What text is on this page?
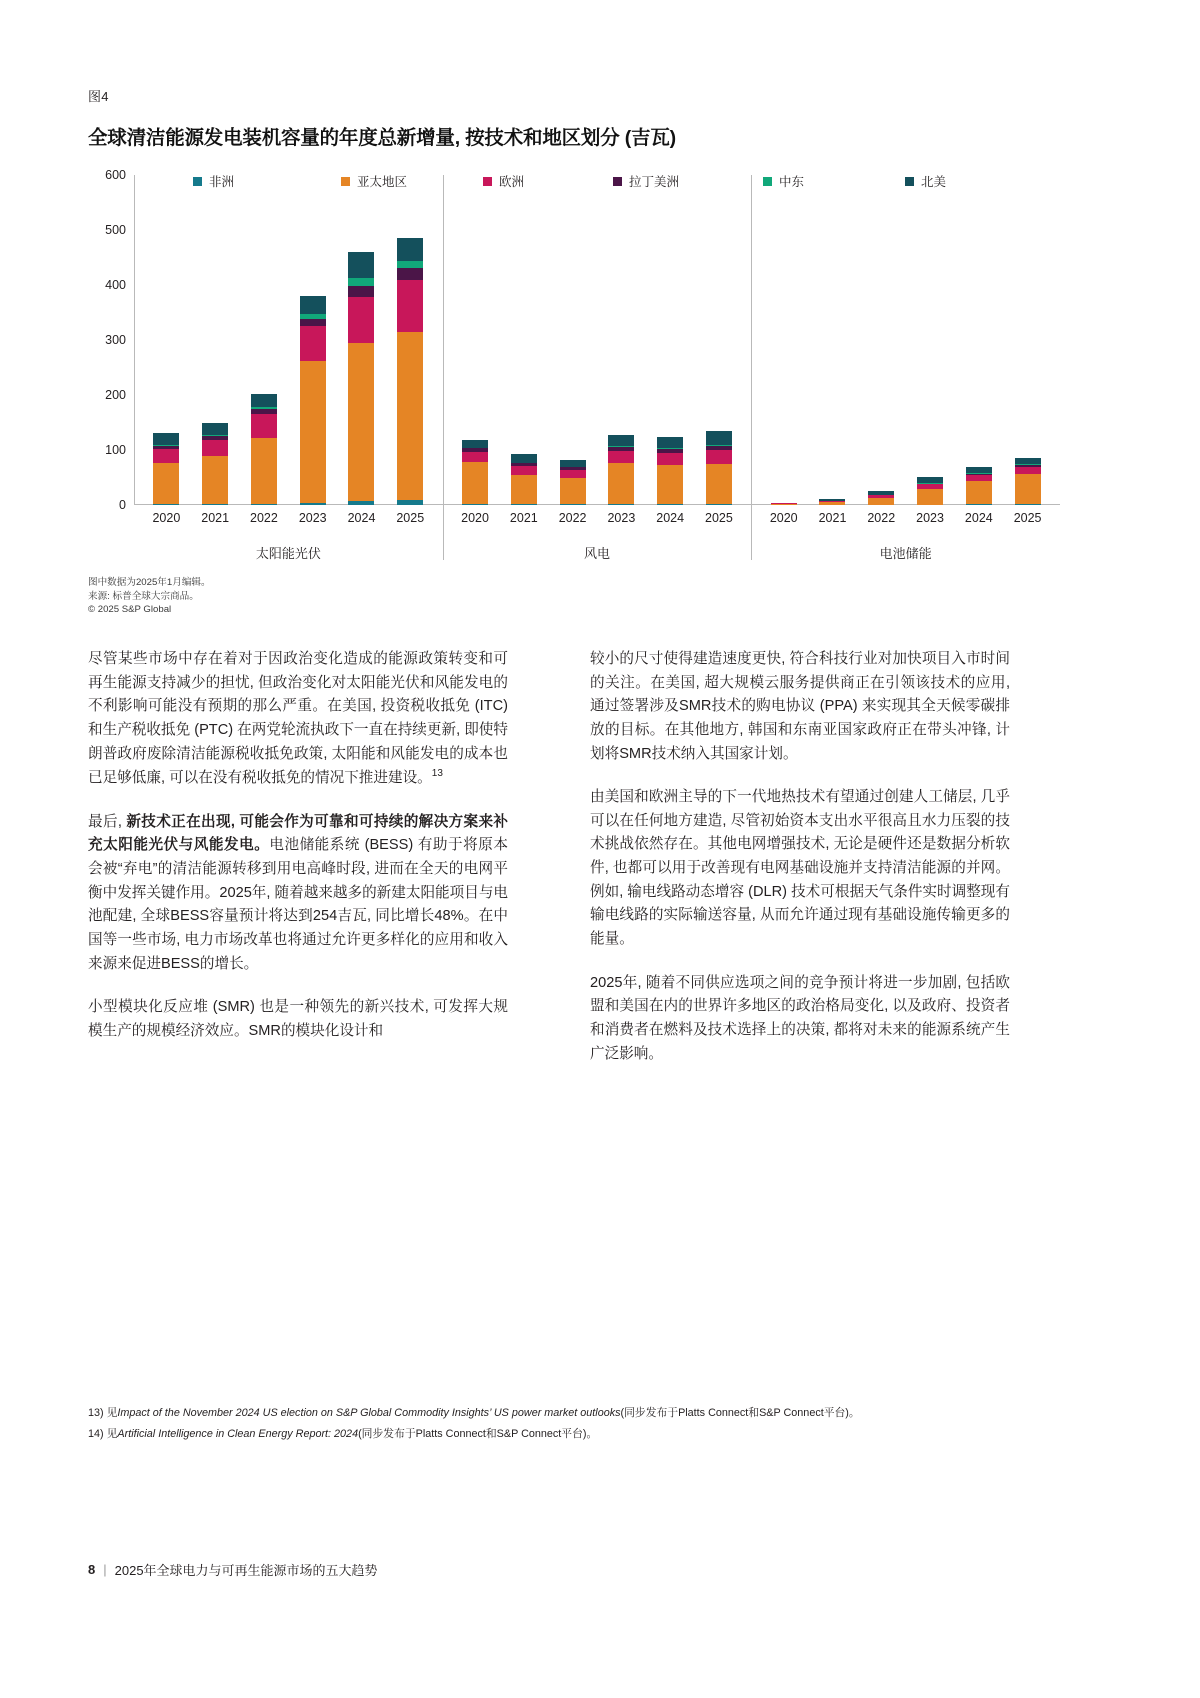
图4
全球清洁能源发电装机容量的年度总新增量, 按技术和地区划分 (吉瓦)
非洲	亚太地区	欧洲	拉丁美洲	中东	北美
0
100
200
300
400
500
600
2020 2021 2022 2023 2024 2025	2020 2021 2022 2023 2024 2025	2020 2021 2022 2023 2024 2025
太阳能光伏	风电	电池储能
图中数据为2025年1月编辑。
来源: 标普全球大宗商品。
© 2025 S&P Global

尽管某些市场中存在着对于因政治变化造成的能源政策转变和可再生能源支持减少的担忧, 但政治变化对太阳能光伏和风能发电的不利影响可能没有预期的那么严重。在美国, 投资税收抵免 (ITC) 和生产税收抵免 (PTC) 在两党轮流执政下一直在持续更新, 即使特朗普政府废除清洁能源税收抵免政策, 太阳能和风能发电的成本也已足够低廉, 可以在没有税收抵免的情况下推进建设。$^{13}$

最后, 新技术正在出现, 可能会作为可靠和可持续的解决方案来补充太阳能光伏与风能发电。电池储能系统 (BESS) 有助于将原本会被“弃电”的清洁能源转移到用电高峰时段, 进而在全天的电网平衡中发挥关键作用。2025年, 随着越来越多的新建太阳能项目与电池配建, 全球BESS容量预计将达到254吉瓦, 同比增长48%。在中国等一些市场, 电力市场改革也将通过允许更多样化的应用和收入来源来促进BESS的增长。

小型模块化反应堆 (SMR) 也是一种领先的新兴技术, 可发挥大规模生产的规模经济效应。SMR的模块化设计和

较小的尺寸使得建造速度更快, 符合科技行业对加快项目入市时间的关注。在美国, 超大规模云服务提供商正在引领该技术的应用, 通过签署涉及SMR技术的购电协议 (PPA) 来实现其全天候零碳排放的目标。在其他地方, 韩国和东南亚国家政府正在带头冲锋, 计划将SMR技术纳入其国家计划。

由美国和欧洲主导的下一代地热技术有望通过创建人工储层, 几乎可以在任何地方建造, 尽管初始资本支出水平很高且水力压裂的技术挑战依然存在。其他电网增强技术, 无论是硬件还是数据分析软件, 也都可以用于改善现有电网基础设施并支持清洁能源的并网。例如, 输电线路动态增容 (DLR) 技术可根据天气条件实时调整现有输电线路的实际输送容量, 从而允许通过现有基础设施传输更多的能量。

2025年, 随着不同供应选项之间的竞争预计将进一步加剧, 包括欧盟和美国在内的世界许多地区的政治格局变化, 以及政府、投资者和消费者在燃料及技术选择上的决策, 都将对未来的能源系统产生广泛影响。

13) 见Impact of the November 2024 US election on S&P Global Commodity Insights’ US power market outlooks(同步发布于Platts Connect和S&P Connect平台)。
14) 见Artificial Intelligence in Clean Energy Report: 2024(同步发布于Platts Connect和S&P Connect平台)。
8 | 2025年全球电力与可再生能源市场的五大趋势
